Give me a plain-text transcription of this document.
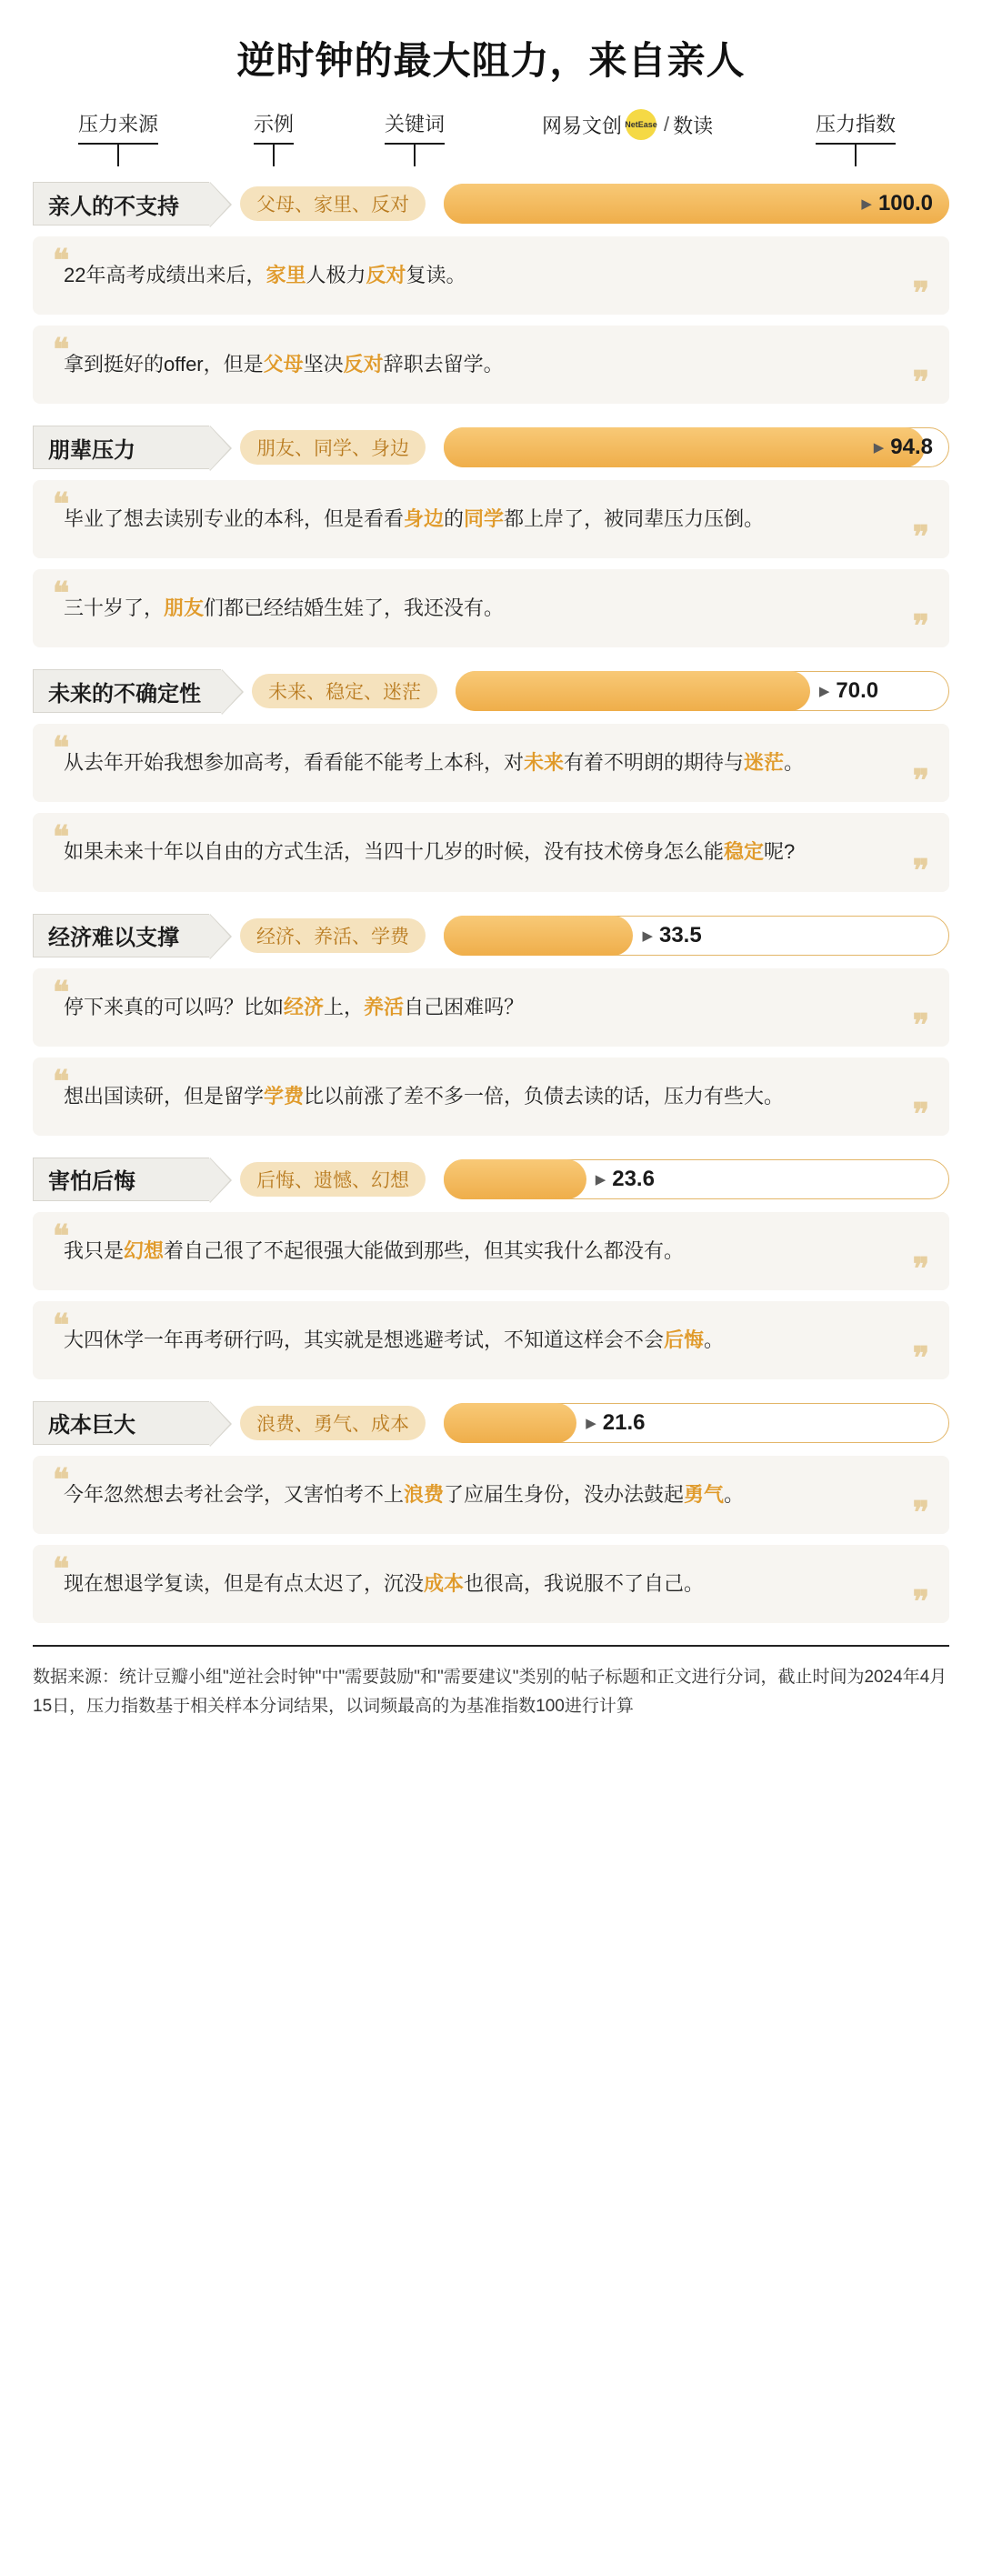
逆时钟的最大阻力，来自亲人
压力来源	示例	关键词	压力指数
网易文创 NetEase / 数读
亲人的不支持	父母、家里、反对	▶ 100.0
❝
22年高考成绩出来后，家里人极力反对复读。
❞
❝
拿到挺好的offer，但是父母坚决反对辞职去留学。
❞
朋辈压力	朋友、同学、身边	▶ 94.8
❝
毕业了想去读别专业的本科，但是看看身边的同学都上岸了，被同辈压力压倒。
❞
❝
三十岁了，朋友们都已经结婚生娃了，我还没有。
❞
未来的不确定性	未来、稳定、迷茫	▶ 70.0
❝
从去年开始我想参加高考，看看能不能考上本科，对未来有着不明朗的期待与迷茫。
❞
❝
如果未来十年以自由的方式生活，当四十几岁的时候，没有技术傍身怎么能稳定呢?
❞
经济难以支撑	经济、养活、学费	▶ 33.5
❝
停下来真的可以吗？比如经济上，养活自己困难吗？
❞
❝
想出国读研，但是留学学费比以前涨了差不多一倍，负债去读的话，压力有些大。
❞
害怕后悔	后悔、遗憾、幻想	▶ 23.6
❝
我只是幻想着自己很了不起很强大能做到那些，但其实我什么都没有。
❞
❝
大四休学一年再考研行吗，其实就是想逃避考试，不知道这样会不会后悔。
❞
成本巨大	浪费、勇气、成本	▶ 21.6
❝
今年忽然想去考社会学，又害怕考不上浪费了应届生身份，没办法鼓起勇气。
❞
❝
现在想退学复读，但是有点太迟了，沉没成本也很高，我说服不了自己。
❞
数据来源：统计豆瓣小组"逆社会时钟"中"需要鼓励"和"需要建议"类别的帖子标题和正文进行分词，截止时间为2024年4月15日，压力指数基于相关样本分词结果，以词频最高的为基准指数100进行计算
